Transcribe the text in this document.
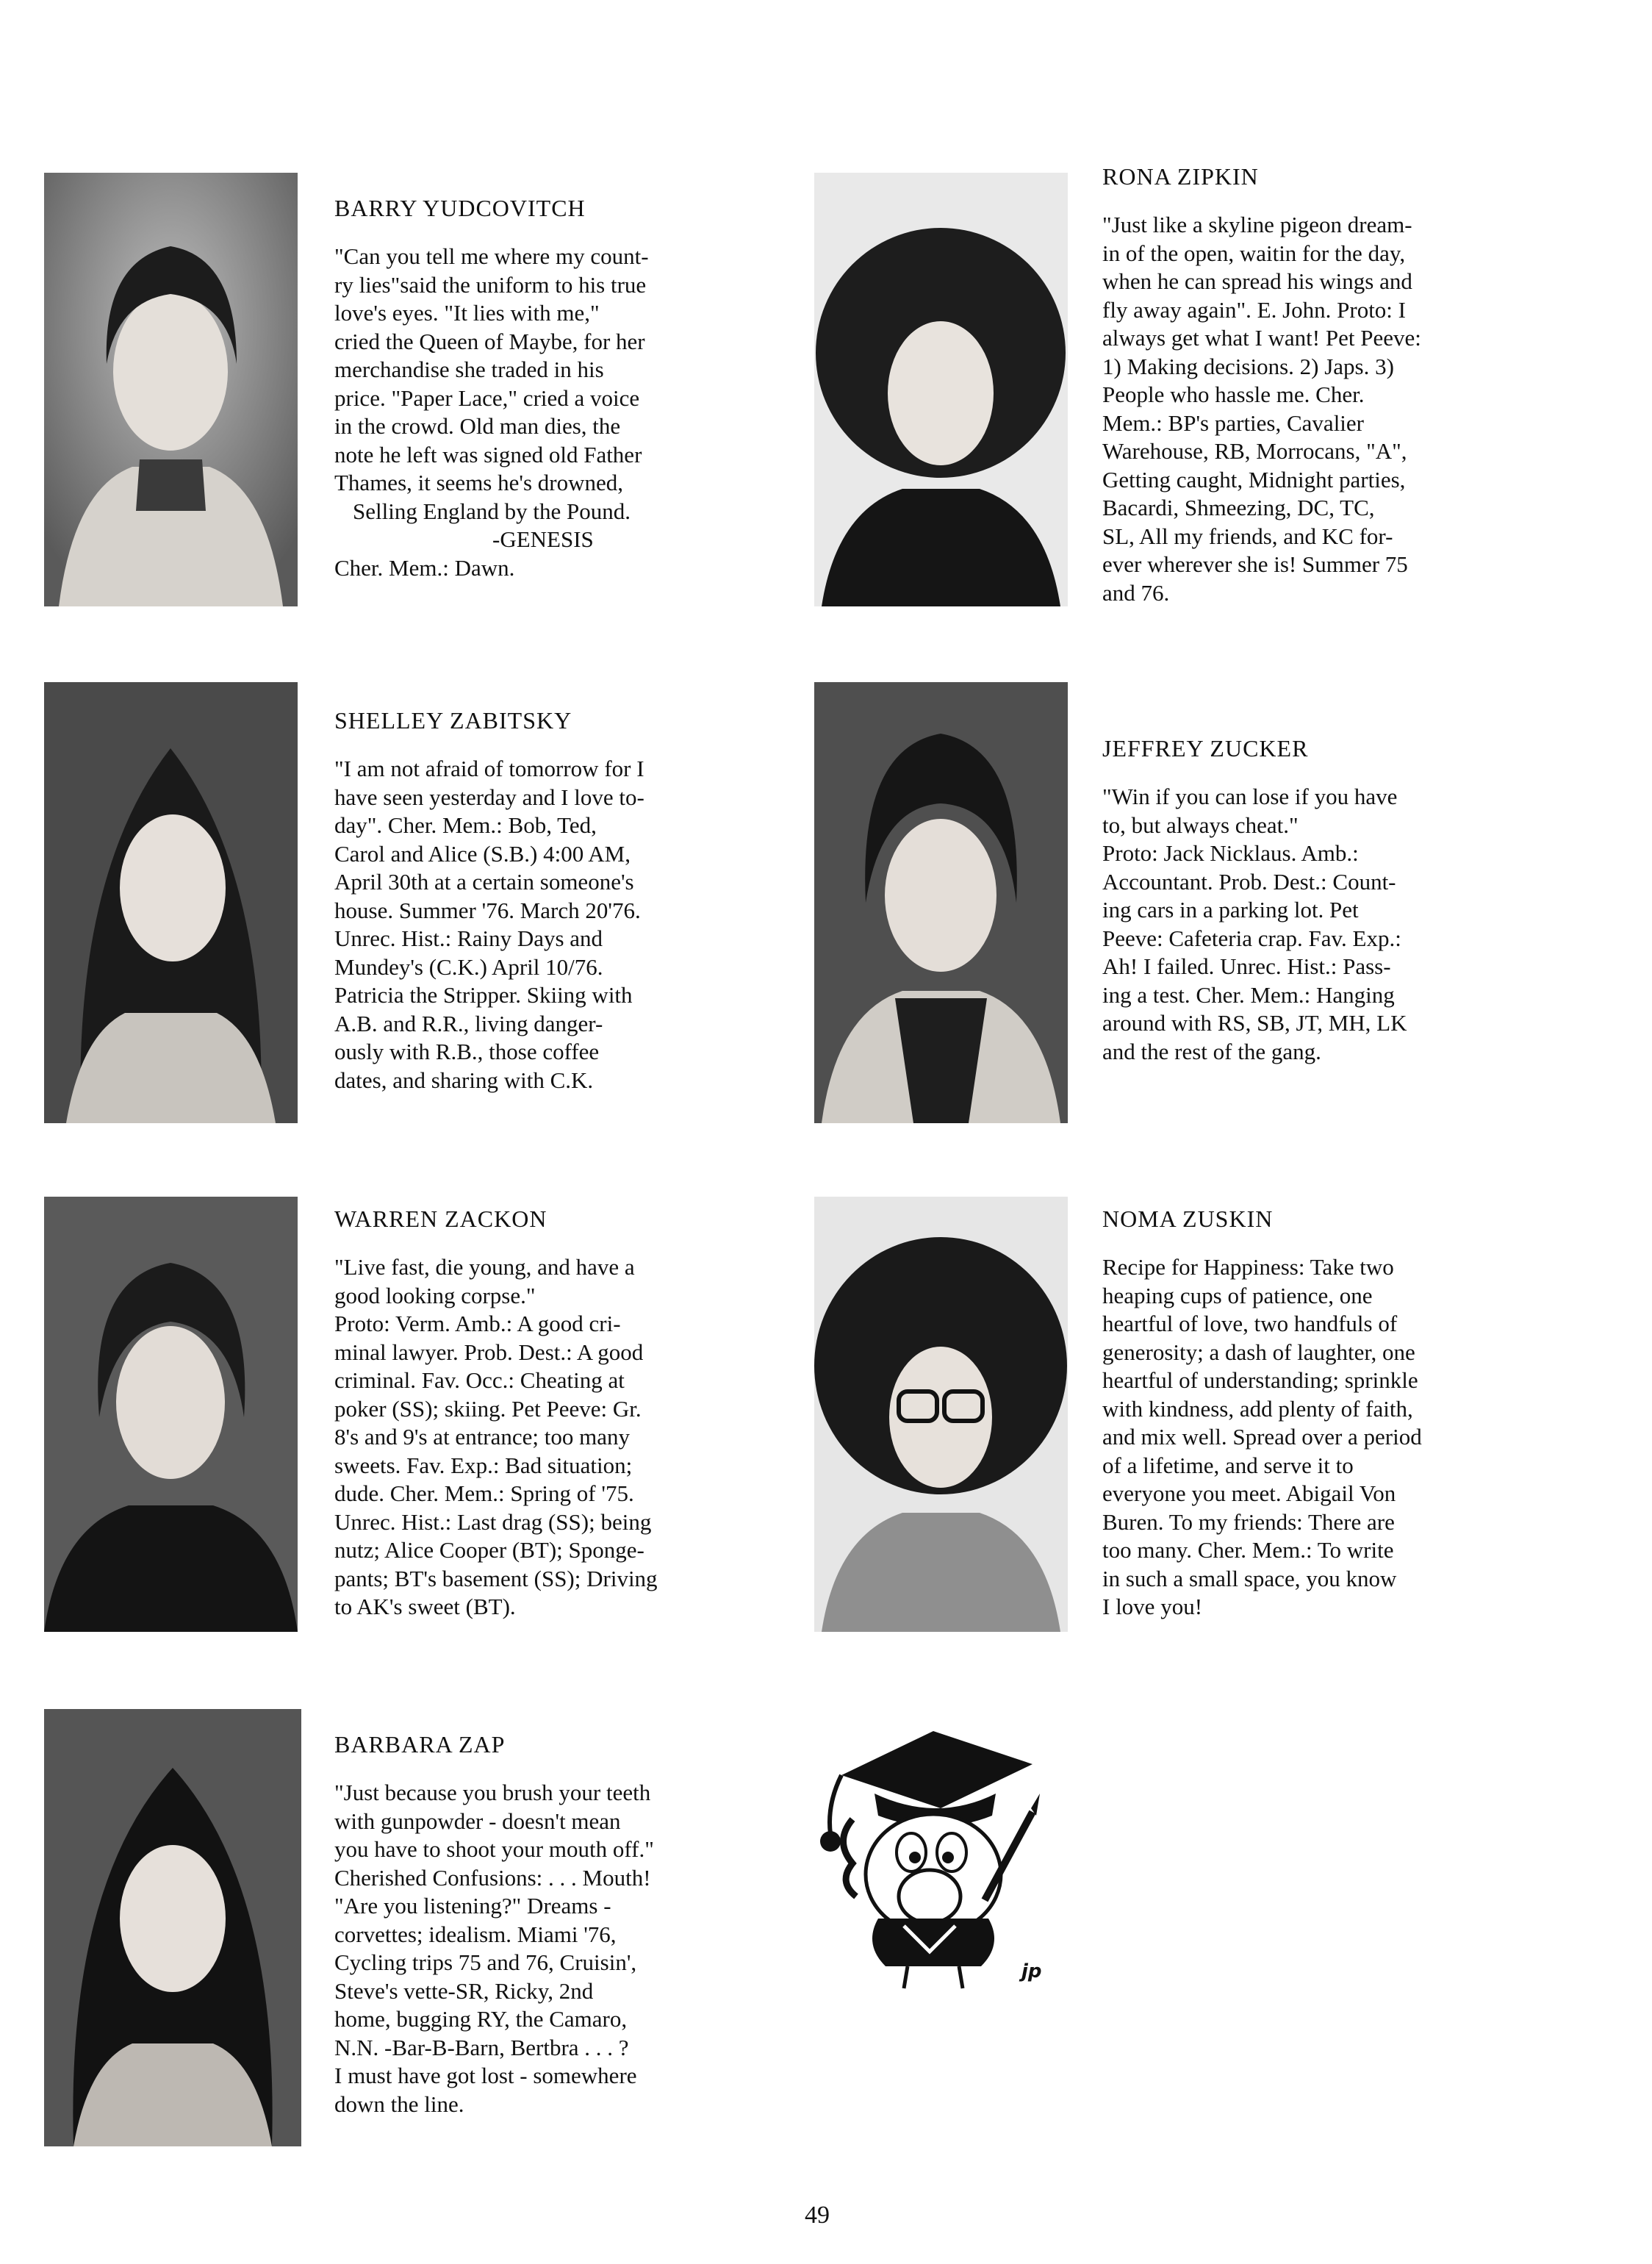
BARRY YUDCOVITCH

"Can you tell me where my count-
ry lies"said the uniform to his true
love's eyes. "It lies with me,"
cried the Queen of Maybe, for her
merchandise she traded in his
price. "Paper Lace," cried a voice
in the crowd. Old man dies, the
note he left was signed old Father
Thames, it seems he's drowned,
Selling England by the Pound.
-GENESIS
Cher. Mem.: Dawn.

RONA ZIPKIN

"Just like a skyline pigeon dream-
in of the open, waitin for the day,
when he can spread his wings and
fly away again". E. John. Proto: I
always get what I want! Pet Peeve:
1) Making decisions. 2) Japs. 3)
People who hassle me. Cher.
Mem.: BP's parties, Cavalier
Warehouse, RB, Morrocans, "A",
Getting caught, Midnight parties,
Bacardi, Shmeezing, DC, TC,
SL, All my friends, and KC for-
ever wherever she is! Summer 75
and 76.

SHELLEY ZABITSKY

"I am not afraid of tomorrow for I
have seen yesterday and I love to-
day". Cher. Mem.: Bob, Ted,
Carol and Alice (S.B.) 4:00 AM,
April 30th at a certain someone's
house. Summer '76. March 20'76.
Unrec. Hist.: Rainy Days and
Mundey's (C.K.) April 10/76.
Patricia the Stripper. Skiing with
A.B. and R.R., living danger-
ously with R.B., those coffee
dates, and sharing with C.K.

JEFFREY ZUCKER

"Win if you can lose if you have
to, but always cheat."
Proto: Jack Nicklaus. Amb.:
Accountant. Prob. Dest.: Count-
ing cars in a parking lot. Pet
Peeve: Cafeteria crap. Fav. Exp.:
Ah! I failed. Unrec. Hist.: Pass-
ing a test. Cher. Mem.: Hanging
around with RS, SB, JT, MH, LK
and the rest of the gang.

WARREN ZACKON

"Live fast, die young, and have a
good looking corpse."
Proto: Verm. Amb.: A good cri-
minal lawyer. Prob. Dest.: A good
criminal. Fav. Occ.: Cheating at
poker (SS); skiing. Pet Peeve: Gr.
8's and 9's at entrance; too many
sweets. Fav. Exp.: Bad situation;
dude. Cher. Mem.: Spring of '75.
Unrec. Hist.: Last drag (SS); being
nutz; Alice Cooper (BT); Sponge-
pants; BT's basement (SS); Driving
to AK's sweet (BT).

NOMA ZUSKIN

Recipe for Happiness: Take two
heaping cups of patience, one
heartful of love, two handfuls of
generosity; a dash of laughter, one
heartful of understanding; sprinkle
with kindness, add plenty of faith,
and mix well. Spread over a period
of a lifetime, and serve it to
everyone you meet. Abigail Von
Buren. To my friends: There are
too many. Cher. Mem.: To write
in such a small space, you know
I love you!

BARBARA ZAP

"Just because you brush your teeth
with gunpowder - doesn't mean
you have to shoot your mouth off."
Cherished Confusions: . . . Mouth!
"Are you listening?" Dreams -
corvettes; idealism. Miami '76,
Cycling trips 75 and 76, Cruisin',
Steve's vette-SR, Ricky, 2nd
home, bugging RY, the Camaro,
N.N. -Bar-B-Barn, Bertbra . . . ?
I must have got lost - somewhere
down the line.

jp
49
